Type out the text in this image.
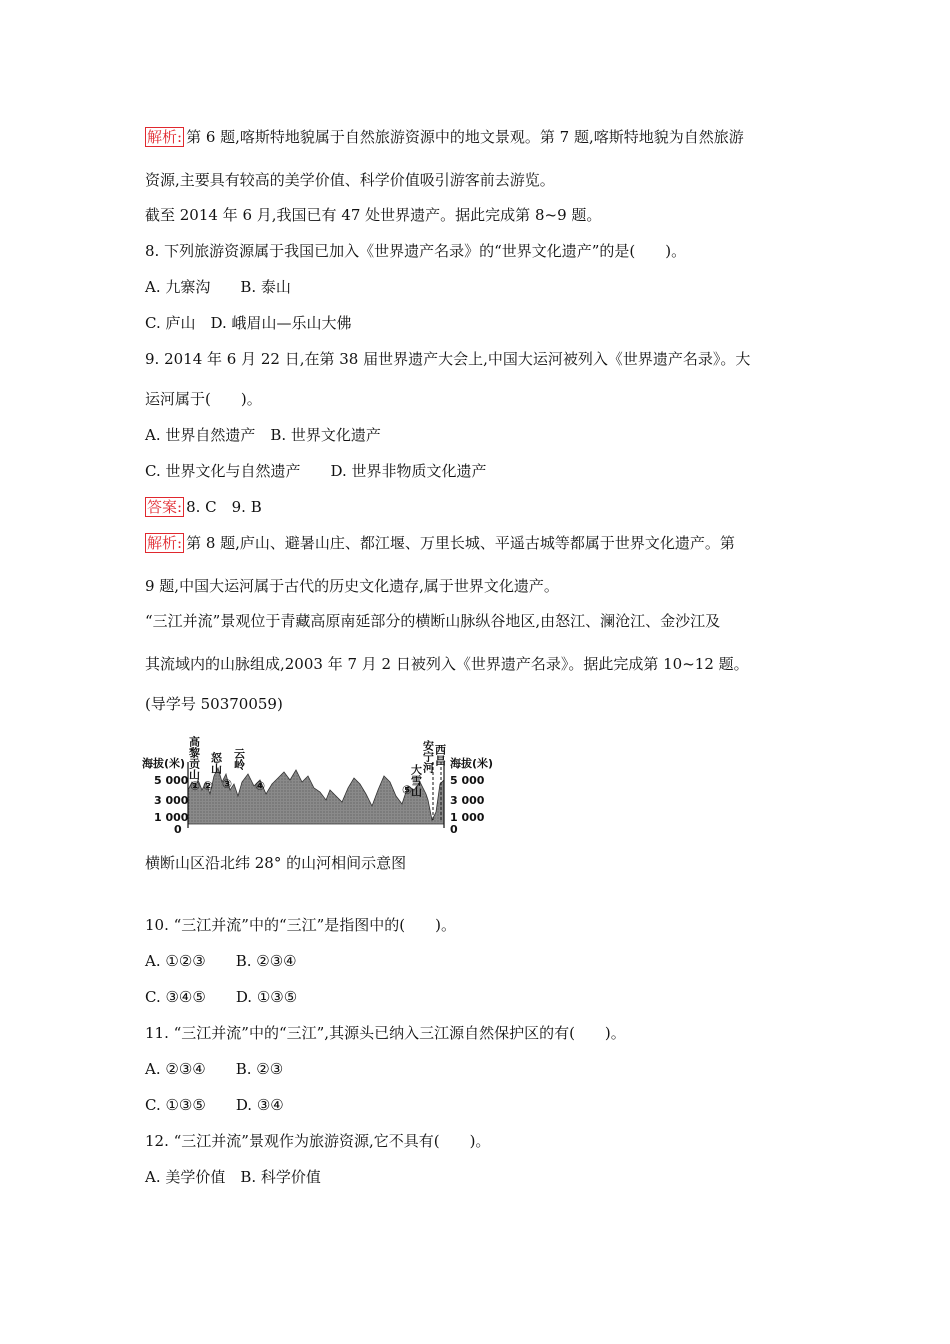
解析: 第 6 题,喀斯特地貌属于自然旅游资源中的地文景观。第 7 题,喀斯特地貌为自然旅游
资源,主要具有较高的美学价值、科学价值吸引游客前去游览。
截至 2014 年 6 月,我国已有 47 处世界遗产。据此完成第 8~9 题。
8. 下列旅游资源属于我国已加入《世界遗产名录》的“世界文化遗产”的是(　　)。
A. 九寨沟　　B. 泰山
C. 庐山　D. 峨眉山—乐山大佛
9. 2014 年 6 月 22 日,在第 38 届世界遗产大会上,中国大运河被列入《世界遗产名录》。大
运河属于(　　)。
A. 世界自然遗产　B. 世界文化遗产
C. 世界文化与自然遗产　　D. 世界非物质文化遗产
答案: 8. C　9. B
解析: 第 8 题,庐山、避暑山庄、都江堰、万里长城、平遥古城等都属于世界文化遗产。第
9 题,中国大运河属于古代的历史文化遗存,属于世界文化遗产。
“三江并流”景观位于青藏高原南延部分的横断山脉纵谷地区,由怒江、澜沧江、金沙江及
其流域内的山脉组成,2003 年 7 月 2 日被列入《世界遗产名录》。据此完成第 10~12 题。
(导学号 50370059)
海拔(米)
5 000
3 000
1 000
0
海拔(米)
5 000
3 000
1 000
0
高黎贡山 怒山 云岭
大雪山
安宁河 西昌
① ② ③ ④	⑤
横断山区沿北纬 28° 的山河相间示意图
10. “三江并流”中的“三江”是指图中的(　　)。
A. ①②③　　B. ②③④
C. ③④⑤　　D. ①③⑤
11. “三江并流”中的“三江”,其源头已纳入三江源自然保护区的有(　　)。
A. ②③④　　B. ②③
C. ①③⑤　　D. ③④
12. “三江并流”景观作为旅游资源,它不具有(　　)。
A. 美学价值　B. 科学价值
